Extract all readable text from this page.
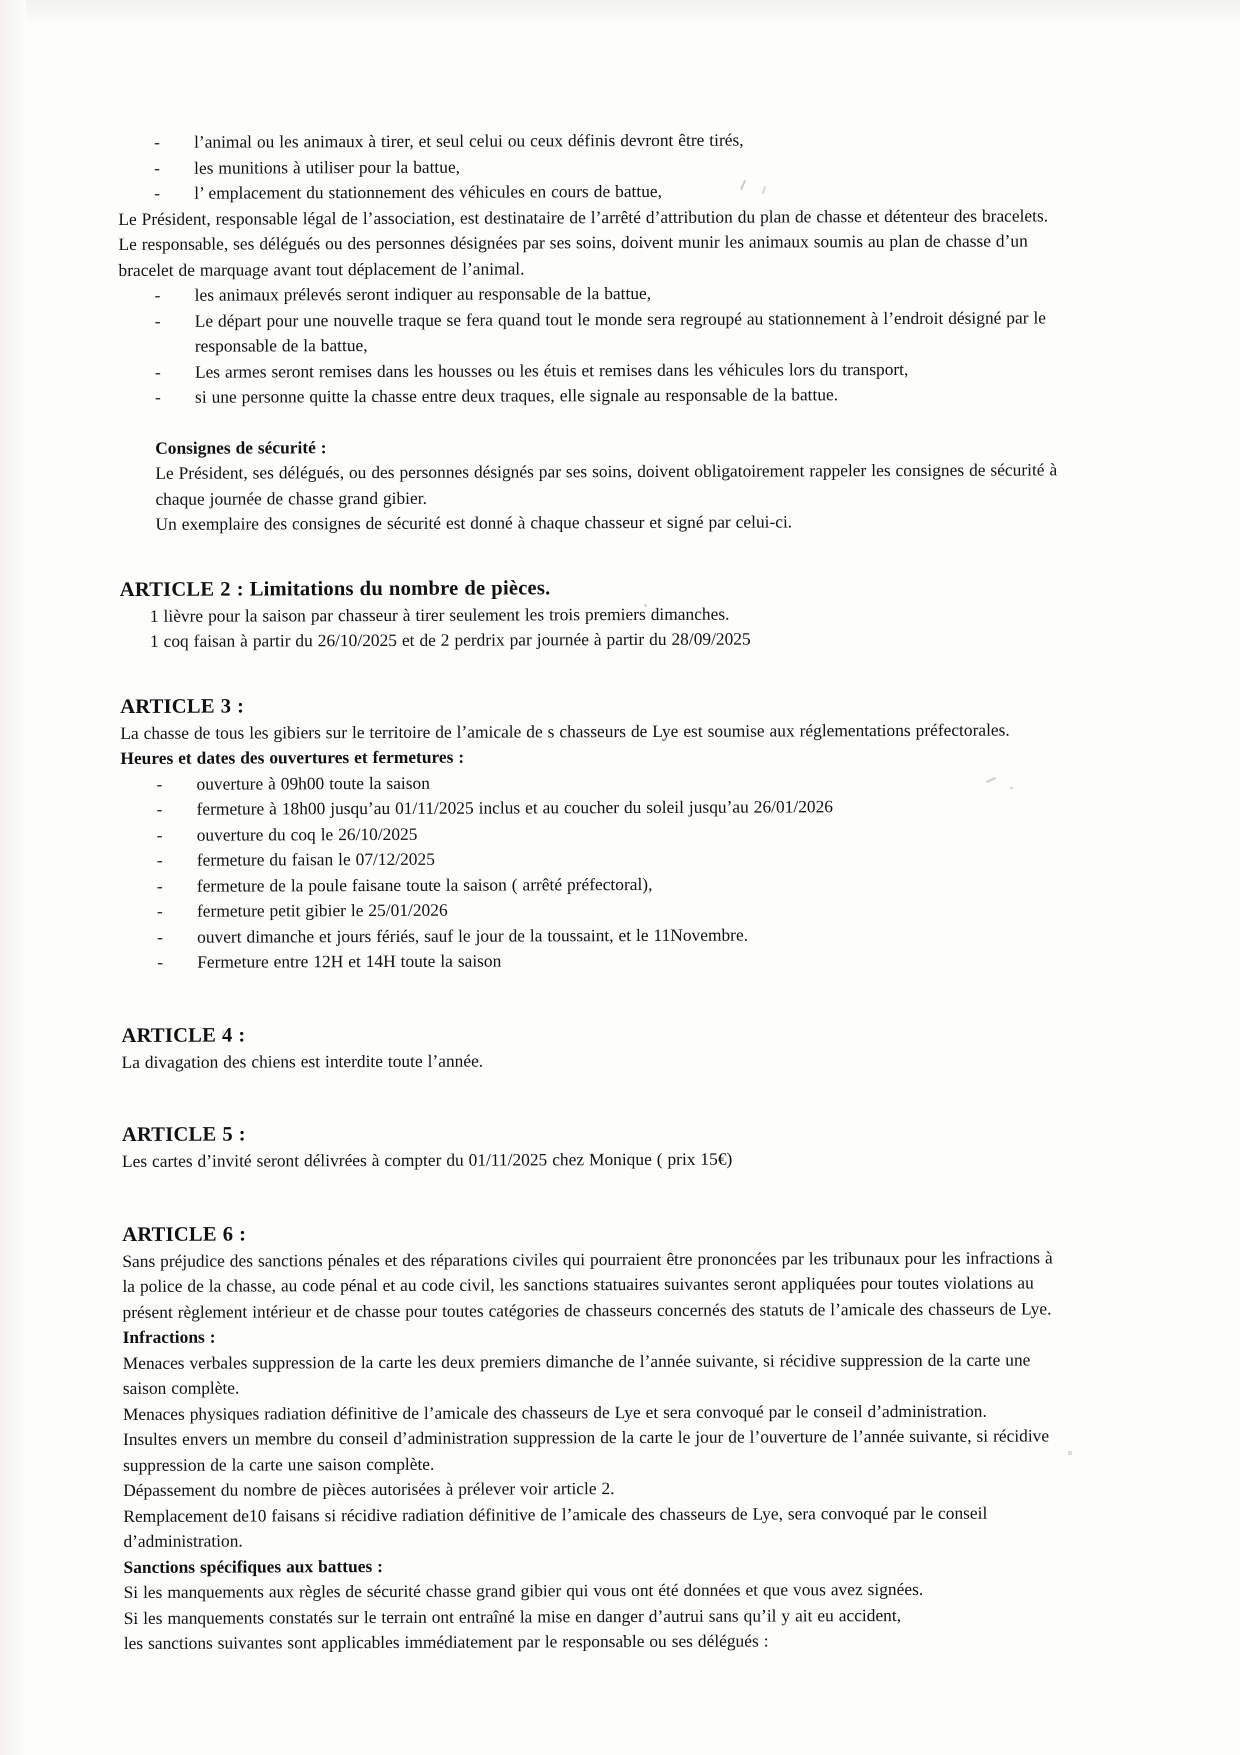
- l’animal ou les animaux à tirer, et seul celui ou ceux définis devront être tirés,
- les munitions à utiliser pour la battue,
- l’ emplacement du stationnement des véhicules en cours de battue,

Le Président, responsable légal de l’association, est destinataire de l’arrêté d’attribution du plan de chasse et détenteur des bracelets. Le responsable, ses délégués ou des personnes désignées par ses soins, doivent munir les animaux soumis au plan de chasse d’un bracelet de marquage avant tout déplacement de l’animal.

- les animaux prélevés seront indiquer au responsable de la battue,
- Le départ pour une nouvelle traque se fera quand tout le monde sera regroupé au stationnement à l’endroit désigné par le responsable de la battue,
- Les armes seront remises dans les housses ou les étuis et remises dans les véhicules lors du transport,
- si une personne quitte la chasse entre deux traques, elle signale au responsable de la battue.
Consignes de sécurité :

Le Président, ses délégués, ou des personnes désignés par ses soins, doivent obligatoirement rappeler les consignes de sécurité à chaque journée de chasse grand gibier.

Un exemplaire des consignes de sécurité est donné à chaque chasseur et signé par celui-ci.

ARTICLE 2 : Limitations du nombre de pièces.
1 lièvre pour la saison par chasseur à tirer seulement les trois premiers dimanches.
1 coq faisan à partir du 26/10/2025 et de 2 perdrix par journée à partir du 28/09/2025
ARTICLE 3 :

La chasse de tous les gibiers sur le territoire de l’amicale de s chasseurs de Lye est soumise aux réglementations préfectorales.

Heures et dates des ouvertures et fermetures :
- ouverture à 09h00 toute la saison
- fermeture à 18h00 jusqu’au 01/11/2025 inclus et au coucher du soleil jusqu’au 26/01/2026
- ouverture du coq le 26/10/2025
- fermeture du faisan le 07/12/2025
- fermeture de la poule faisane toute la saison ( arrêté préfectoral),
- fermeture petit gibier le 25/01/2026
- ouvert dimanche et jours fériés, sauf le jour de la toussaint, et le 11Novembre.
- Fermeture entre 12H et 14H toute la saison
ARTICLE 4 :

La divagation des chiens est interdite toute l’année.

ARTICLE 5 :

Les cartes d’invité seront délivrées à compter du 01/11/2025 chez Monique ( prix 15€)

ARTICLE 6 :

Sans préjudice des sanctions pénales et des réparations civiles qui pourraient être prononcées par les tribunaux pour les infractions à la police de la chasse, au code pénal et au code civil, les sanctions statuaires suivantes seront appliquées pour toutes violations au présent règlement intérieur et de chasse pour toutes catégories de chasseurs concernés des statuts de l’amicale des chasseurs de Lye.

Infractions :

Menaces verbales suppression de la carte les deux premiers dimanche de l’année suivante, si récidive suppression de la carte une saison complète.

Menaces physiques radiation définitive de l’amicale des chasseurs de Lye et sera convoqué par le conseil d’administration.

Insultes envers un membre du conseil d’administration suppression de la carte le jour de l’ouverture de l’année suivante, si récidive suppression de la carte une saison complète.

Dépassement du nombre de pièces autorisées à prélever voir article 2.

Remplacement de10 faisans si récidive radiation définitive de l’amicale des chasseurs de Lye, sera convoqué par le conseil d’administration.

Sanctions spécifiques aux battues :

Si les manquements aux règles de sécurité chasse grand gibier qui vous ont été données et que vous avez signées.

Si les manquements constatés sur le terrain ont entraîné la mise en danger d’autrui sans qu’il y ait eu accident,

les sanctions suivantes sont applicables immédiatement par le responsable ou ses délégués :
